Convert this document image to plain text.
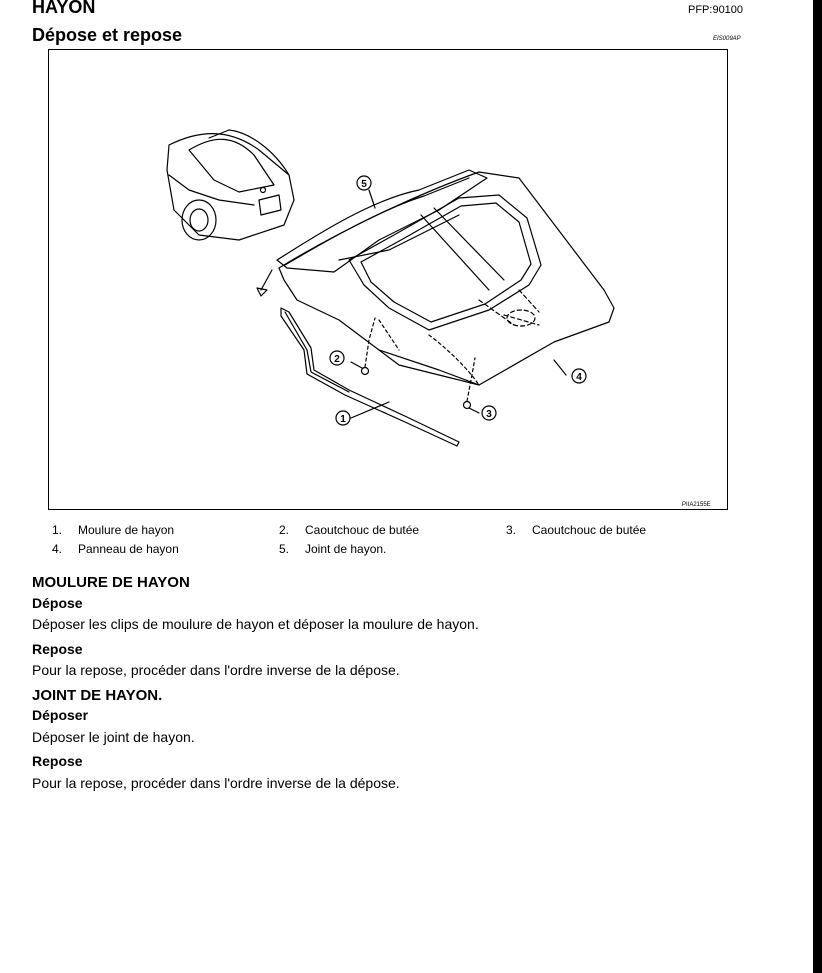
HAYON	PFP:90100
Dépose et repose	EIS009AP
5
2
1
4
3
PIIA2155E
1. Moulure de hayon	2. Caoutchouc de butée	3. Caoutchouc de butée
4. Panneau de hayon	5. Joint de hayon.
MOULURE DE HAYON
Dépose
Déposer les clips de moulure de hayon et déposer la moulure de hayon.
Repose
Pour la repose, procéder dans l'ordre inverse de la dépose.
JOINT DE HAYON.
Déposer
Déposer le joint de hayon.
Repose
Pour la repose, procéder dans l'ordre inverse de la dépose.
